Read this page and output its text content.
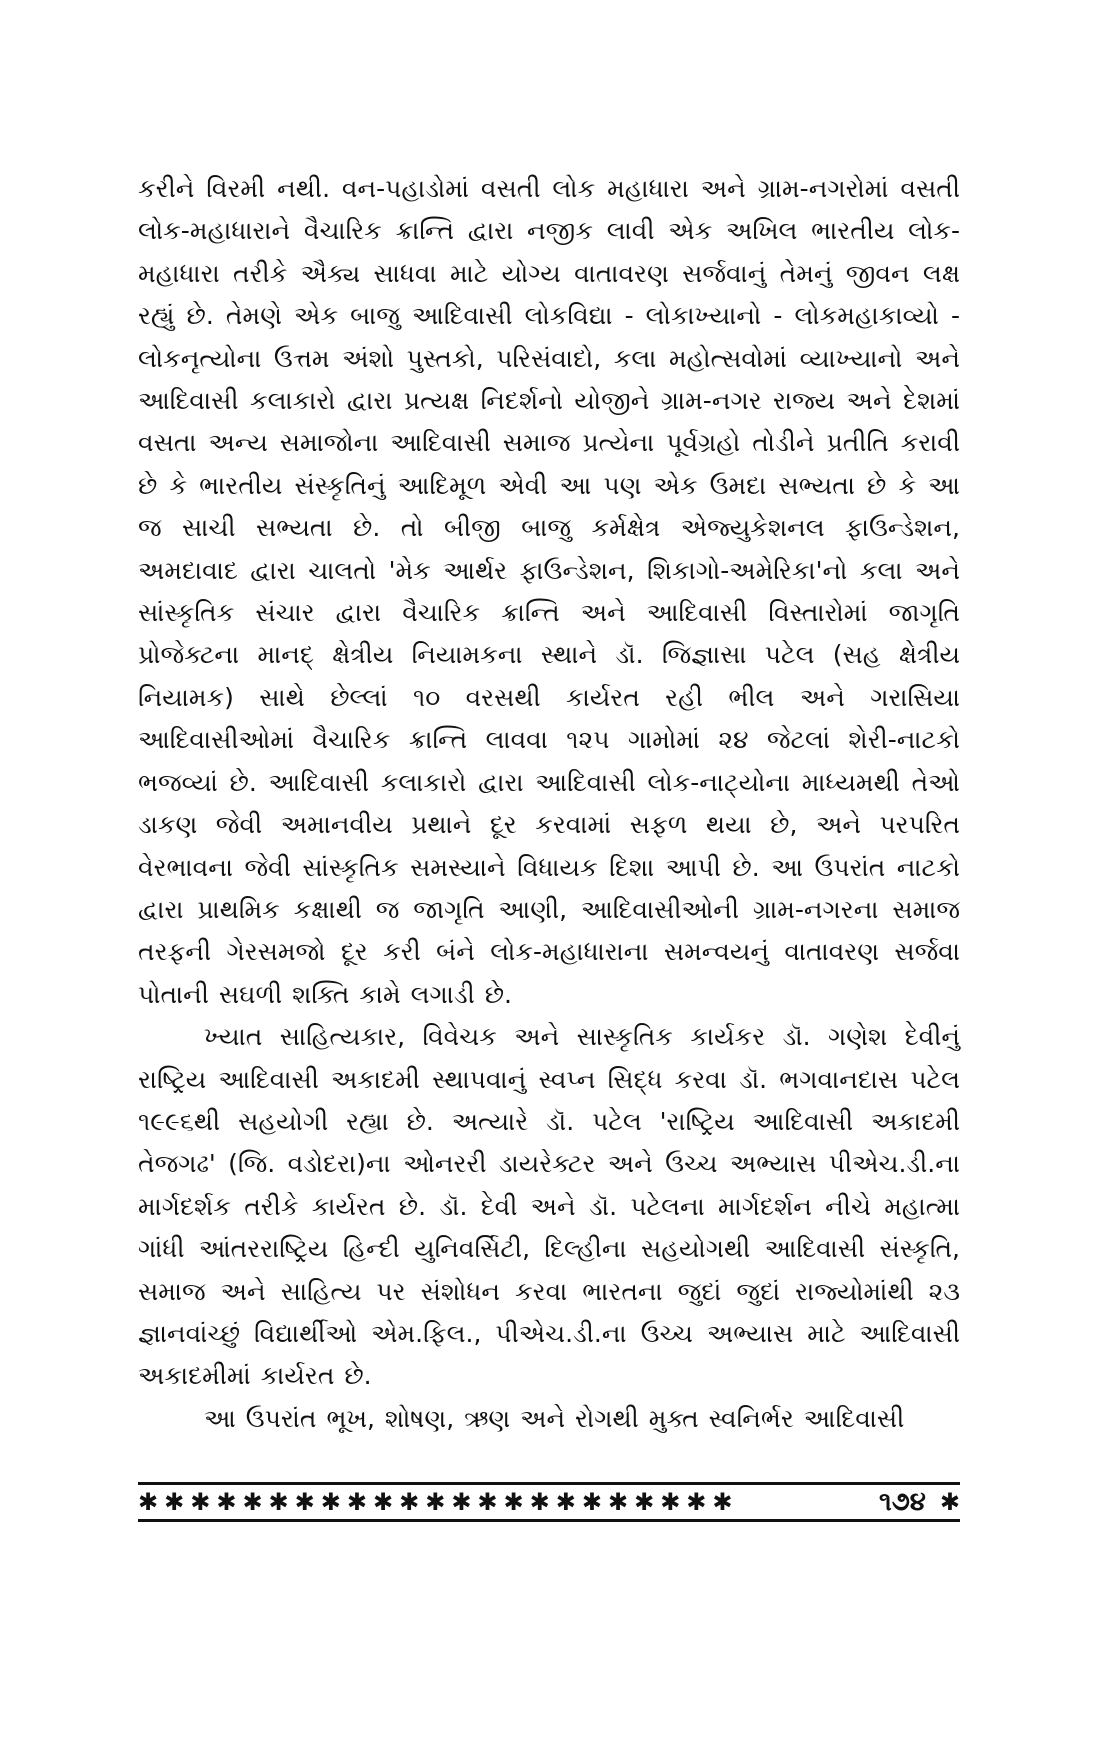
કરીને વિરમી નથી. વન-પહાડોમાં વસતી લોક મહાધારા અને ગ્રામ-નગરોમાં વસતી લોક-મહાધારાને વૈચારિક ક્રાન્તિ દ્વારા નજીક લાવી એક અખિલ ભારતીય લોક-મહાધારા તરીકે ઐક્ય સાધવા માટે યોગ્ય વાતાવરણ સર્જવાનું તેમનું જીવન લક્ષ રહ્યું છે. તેમણે એક બાજુ આદિવાસી લોકવિદ્યા - લોકાખ્યાનો - લોકમહાકાવ્યો - લોકનૃત્યોના ઉત્તમ અંશો પુસ્તકો, પરિસંવાદો, કલા મહોત્સવોમાં વ્યાખ્યાનો અને આદિવાસી કલાકારો દ્વારા પ્રત્યક્ષ નિદર્શનો યોજીને ગ્રામ-નગર રાજ્ય અને દેશમાં વસતા અન્ય સમાજોના આદિવાસી સમાજ પ્રત્યેના પૂર્વગ્રહો તોડીને પ્રતીતિ કરાવી છે કે ભારતીય સંસ્કૃતિનું આદિમૂળ એવી આ પણ એક ઉમદા સભ્યતા છે કે આ જ સાચી સભ્યતા છે. તો બીજી બાજુ કર્મક્ષેત્ર એજ્યુકેશનલ ફાઉન્ડેશન, અમદાવાદ દ્વારા ચાલતો 'મેક આર્થર ફાઉન્ડેશન, શિકાગો-અમેરિકા'નો કલા અને સાંસ્કૃતિક સંચાર દ્વારા વૈચારિક ક્રાન્તિ અને આદિવાસી વિસ્તારોમાં જાગૃતિ પ્રોજેક્ટના માનદ્ ક્ષેત્રીય નિયામકના સ્થાને ડૉ. જિજ્ઞાસા પટેલ (સહ ક્ષેત્રીય નિયામક) સાથે છેલ્લાં ૧૦ વરસથી કાર્યરત રહી ભીલ અને ગરાસિયા આદિવાસીઓમાં વૈચારિક ક્રાન્તિ લાવવા ૧૨૫ ગામોમાં ૨૪ જેટલાં શેરી-નાટકો ભજવ્યાં છે. આદિવાસી કલાકારો દ્વારા આદિવાસી લોક-નાટ્યોના માધ્યમથી તેઓ ડાકણ જેવી અમાનવીય પ્રથાને દૂર કરવામાં સફળ થયા છે, અને પરપરિત વેરભાવના જેવી સાંસ્કૃતિક સમસ્યાને વિધાયક દિશા આપી છે. આ ઉપરાંત નાટકો દ્વારા પ્રાથમિક કક્ષાથી જ જાગૃતિ આણી, આદિવાસીઓની ગ્રામ-નગરના સમાજ તરફની ગેરસમજો દૂર કરી બંને લોક-મહાધારાના સમન્વયનું વાતાવરણ સર્જવા પોતાની સઘળી શક્તિ કામે લગાડી છે.

ખ્યાત સાહિત્યકાર, વિવેચક અને સાસ્કૃતિક કાર્યકર ડૉ. ગણેશ દેવીનું રાષ્ટ્રિય આદિવાસી અકાદમી સ્થાપવાનું સ્વપ્ન સિદ્ધ કરવા ડૉ. ભગવાનદાસ પટેલ ૧૯૯૬થી સહયોગી રહ્યા છે. અત્યારે ડૉ. પટેલ 'રાષ્ટ્રિય આદિવાસી અકાદમી તેજગઢ' (જિ. વડોદરા)ના ઓનરરી ડાયરેક્ટર અને ઉચ્ચ અભ્યાસ પીએચ.ડી.ના માર્ગદર્શક તરીકે કાર્યરત છે. ડૉ. દેવી અને ડૉ. પટેલના માર્ગદર્શન નીચે મહાત્મા ગાંધી આંતરરાષ્ટ્રિય હિન્દી યુનિવર્સિટી, દિલ્હીના સહયોગથી આદિવાસી સંસ્કૃતિ, સમાજ અને સાહિત્ય પર સંશોધન કરવા ભારતના જુદાં જુદાં રાજ્યોમાંથી ૨૩ જ્ઞાનવાંચ્છું વિદ્યાર્થીઓ એમ.ફિલ., પીએચ.ડી.ના ઉચ્ચ અભ્યાસ માટે આદિવાસી અકાદમીમાં કાર્યરત છે.

આ ઉપરાંત ભૂખ, શોષણ, ઋણ અને રોગથી મુક્ત સ્વનિર્ભર આદિવાસી

✱✱✱✱✱✱✱✱✱✱✱✱✱✱✱✱✱✱✱✱✱✱✱	૧૭૪ ✱
